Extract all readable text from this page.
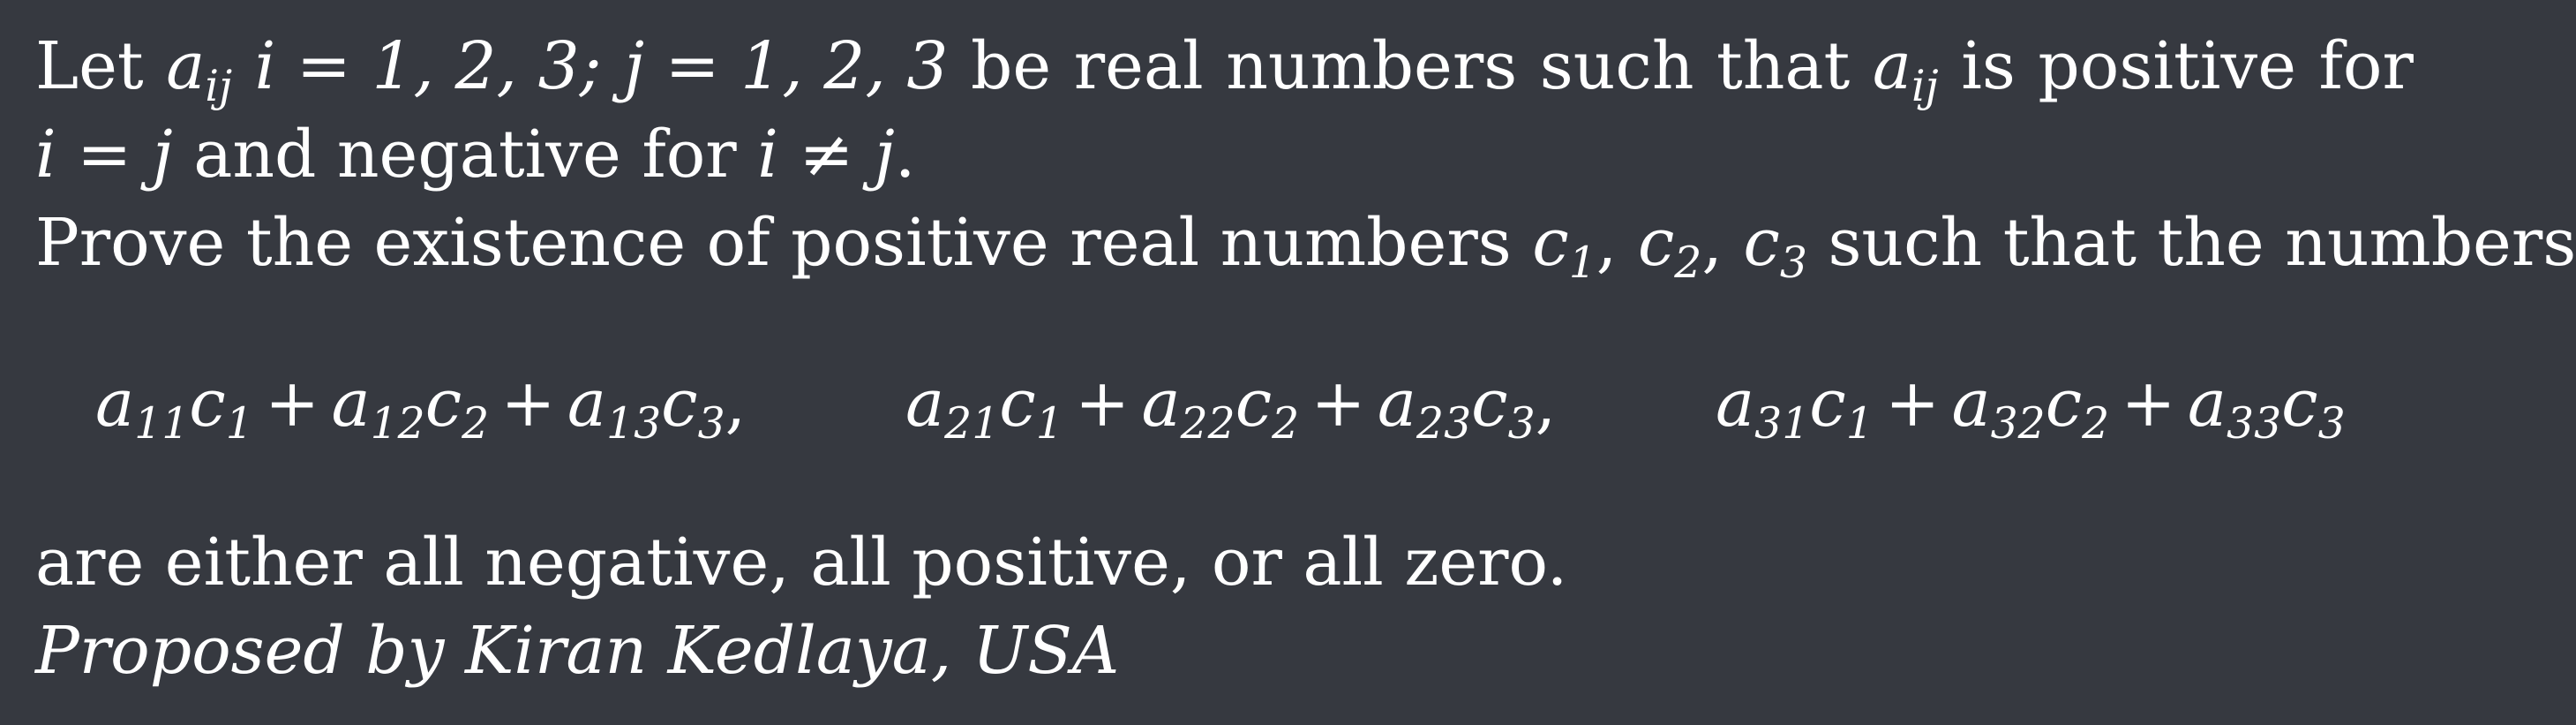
Let aij i = 1, 2, 3; j = 1, 2, 3 be real numbers such that aij is positive for
i = j and negative for i ≠ j.
Prove the existence of positive real numbers c1, c2, c3 such that the numbers
a11c1 + a12c2 + a13c3, a21c1 + a22c2 + a23c3, a31c1 + a32c2 + a33c3
are either all negative, all positive, or all zero.
Proposed by Kiran Kedlaya, USA
